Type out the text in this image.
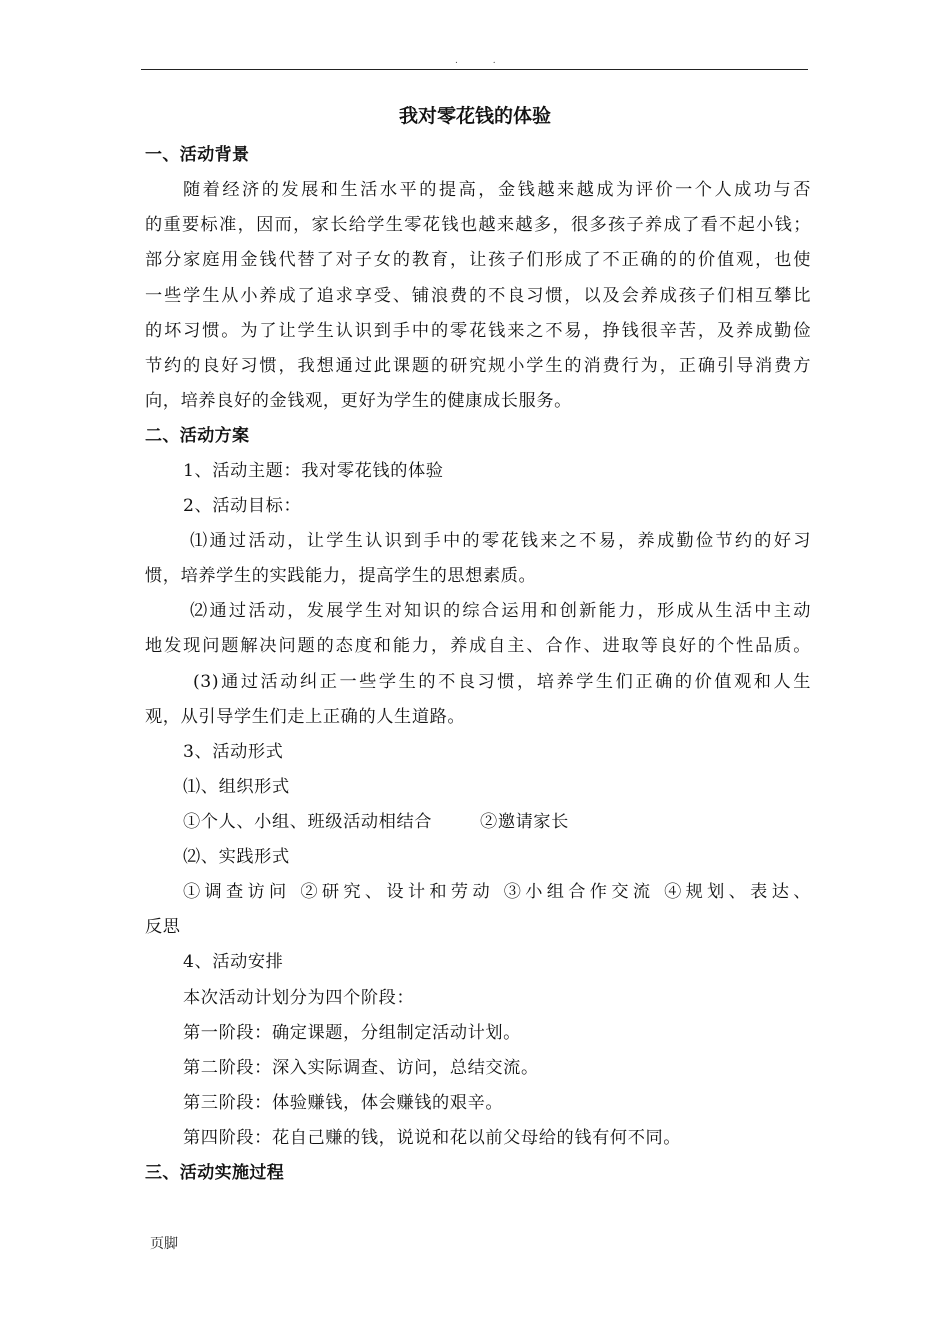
. .
我对零花钱的体验
一、活动背景
随着经济的发展和生活水平的提高，金钱越来越成为评价一个人成功与否
的重要标准，因而，家长给学生零花钱也越来越多，很多孩子养成了看不起小钱；
部分家庭用金钱代替了对子女的教育，让孩子们形成了不正确的的价值观，也使
一些学生从小养成了追求享受、铺浪费的不良习惯，以及会养成孩子们相互攀比
的坏习惯。为了让学生认识到手中的零花钱来之不易，挣钱很辛苦，及养成勤俭
节约的良好习惯，我想通过此课题的研究规小学生的消费行为，正确引导消费方
向，培养良好的金钱观，更好为学生的健康成长服务。
二、活动方案
1、活动主题：我对零花钱的体验
2、活动目标：
⑴通过活动，让学生认识到手中的零花钱来之不易，养成勤俭节约的好习
惯，培养学生的实践能力，提高学生的思想素质。
⑵通过活动，发展学生对知识的综合运用和创新能力，形成从生活中主动
地发现问题解决问题的态度和能力，养成自主、合作、进取等良好的个性品质。
(3)通过活动纠正一些学生的不良习惯，培养学生们正确的价值观和人生
观，从引导学生们走上正确的人生道路。
3、活动形式
⑴、组织形式
①个人、小组、班级活动相结合	②邀请家长
⑵、实践形式
①调查访问 ②研究、设计和劳动 ③小组合作交流 ④规划、表达、
反思
4、活动安排
本次活动计划分为四个阶段：
第一阶段：确定课题，分组制定活动计划。
第二阶段：深入实际调查、访问，总结交流。
第三阶段：体验赚钱，体会赚钱的艰辛。
第四阶段：花自己赚的钱，说说和花以前父母给的钱有何不同。
三、活动实施过程
页脚
